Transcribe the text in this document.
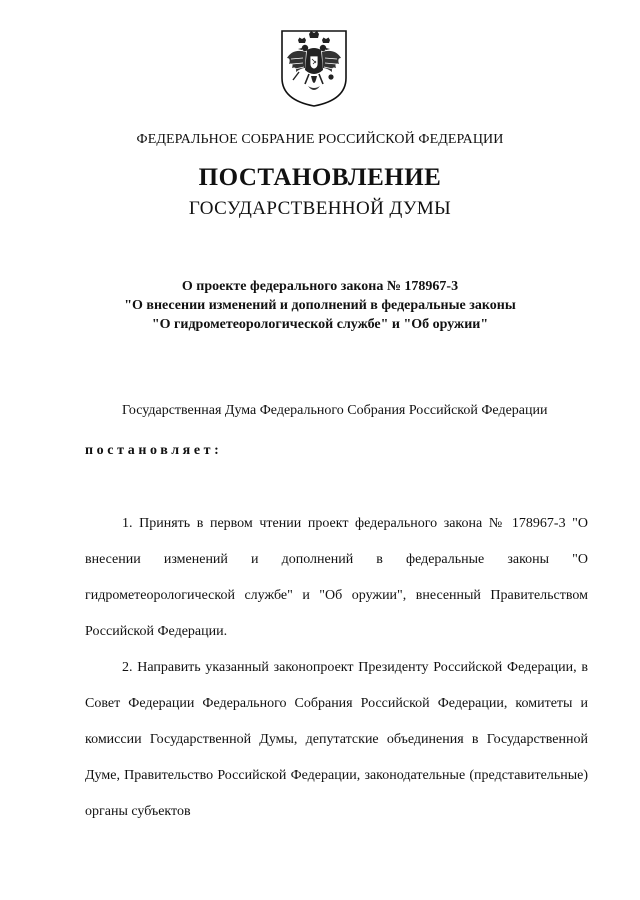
ФЕДЕРАЛЬНОЕ СОБРАНИЕ РОССИЙСКОЙ ФЕДЕРАЦИИ
ПОСТАНОВЛЕНИЕ
ГОСУДАРСТВЕННОЙ ДУМЫ
О проекте федерального закона № 178967-3
"О внесении изменений и дополнений в федеральные законы
"О гидрометеорологической службе" и "Об оружии"
Государственная Дума Федерального Собрания Российской Федерации
постановляет:

1. Принять в первом чтении проект федерального закона № 178967-3 "О внесении изменений и дополнений в федеральные законы "О гидрометеорологической службе" и "Об оружии", внесенный Правительством Российской Федерации.

2. Направить указанный законопроект Президенту Российской Федерации, в Совет Федерации Федерального Собрания Российской Федерации, комитеты и комиссии Государственной Думы, депутатские объединения в Государственной Думе, Правительство Российской Федерации, законодательные (представительные) органы субъектов
